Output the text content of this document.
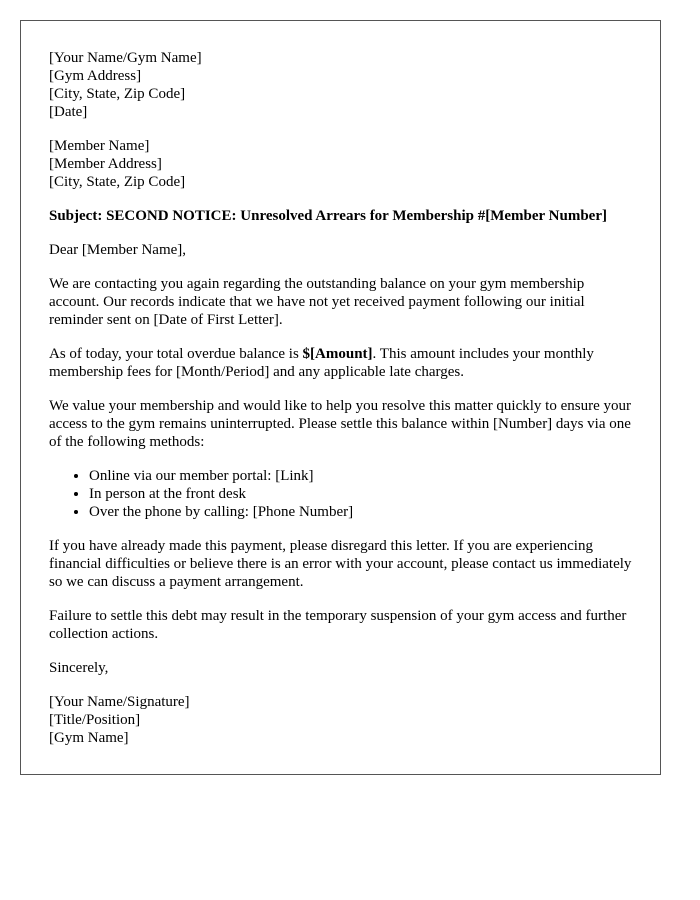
[Your Name/Gym Name]
[Gym Address]
[City, State, Zip Code]
[Date]

[Member Name]
[Member Address]
[City, State, Zip Code]

Subject: SECOND NOTICE: Unresolved Arrears for Membership #[Member Number]

Dear [Member Name],

We are contacting you again regarding the outstanding balance on your gym membership account. Our records indicate that we have not yet received payment following our initial reminder sent on [Date of First Letter].

As of today, your total overdue balance is $[Amount]. This amount includes your monthly membership fees for [Month/Period] and any applicable late charges.

We value your membership and would like to help you resolve this matter quickly to ensure your access to the gym remains uninterrupted. Please settle this balance within [Number] days via one of the following methods:

• Online via our member portal: [Link]
• In person at the front desk
• Over the phone by calling: [Phone Number]

If you have already made this payment, please disregard this letter. If you are experiencing financial difficulties or believe there is an error with your account, please contact us immediately so we can discuss a payment arrangement.

Failure to settle this debt may result in the temporary suspension of your gym access and further collection actions.

Sincerely,

[Your Name/Signature]
[Title/Position]
[Gym Name]
